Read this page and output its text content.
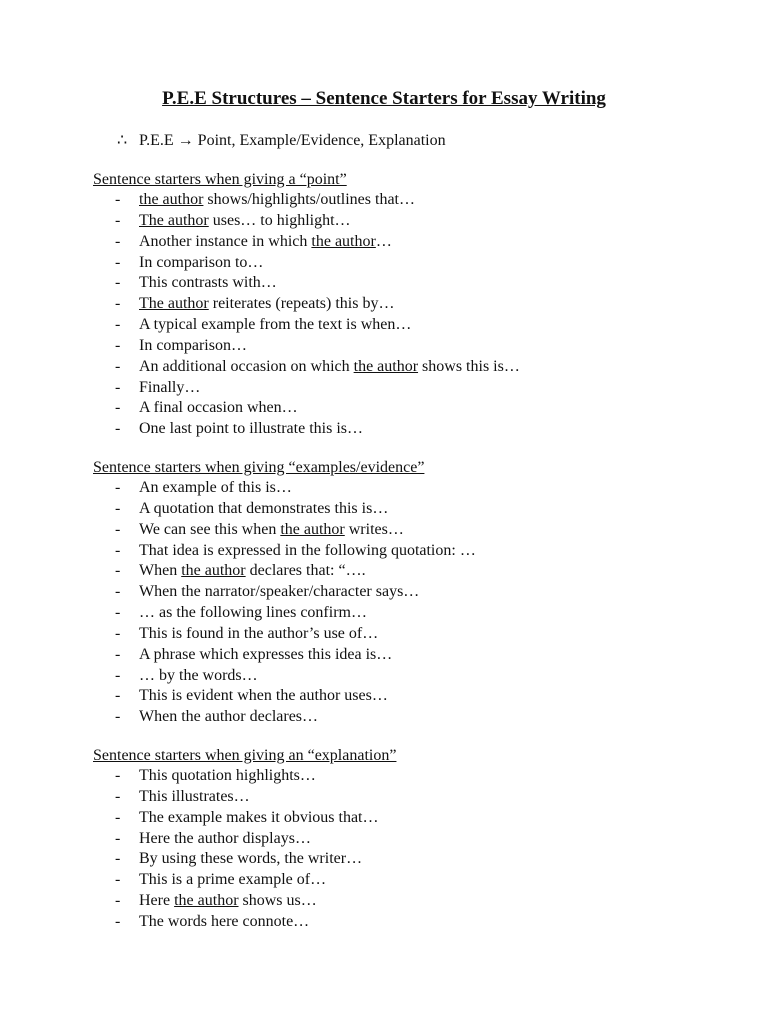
P.E.E Structures – Sentence Starters for Essay Writing
∴ P.E.E → Point, Example/Evidence, Explanation
Sentence starters when giving a “point”
- the author shows/highlights/outlines that…
- The author uses… to highlight…
- Another instance in which the author…
- In comparison to…
- This contrasts with…
- The author reiterates (repeats) this by…
- A typical example from the text is when…
- In comparison…
- An additional occasion on which the author shows this is…
- Finally…
- A final occasion when…
- One last point to illustrate this is…
Sentence starters when giving “examples/evidence”
- An example of this is…
- A quotation that demonstrates this is…
- We can see this when the author writes…
- That idea is expressed in the following quotation: …
- When the author declares that: “….
- When the narrator/speaker/character says…
- … as the following lines confirm…
- This is found in the author’s use of…
- A phrase which expresses this idea is…
- … by the words…
- This is evident when the author uses…
- When the author declares…
Sentence starters when giving an “explanation”
- This quotation highlights…
- This illustrates…
- The example makes it obvious that…
- Here the author displays…
- By using these words, the writer…
- This is a prime example of…
- Here the author shows us…
- The words here connote…
